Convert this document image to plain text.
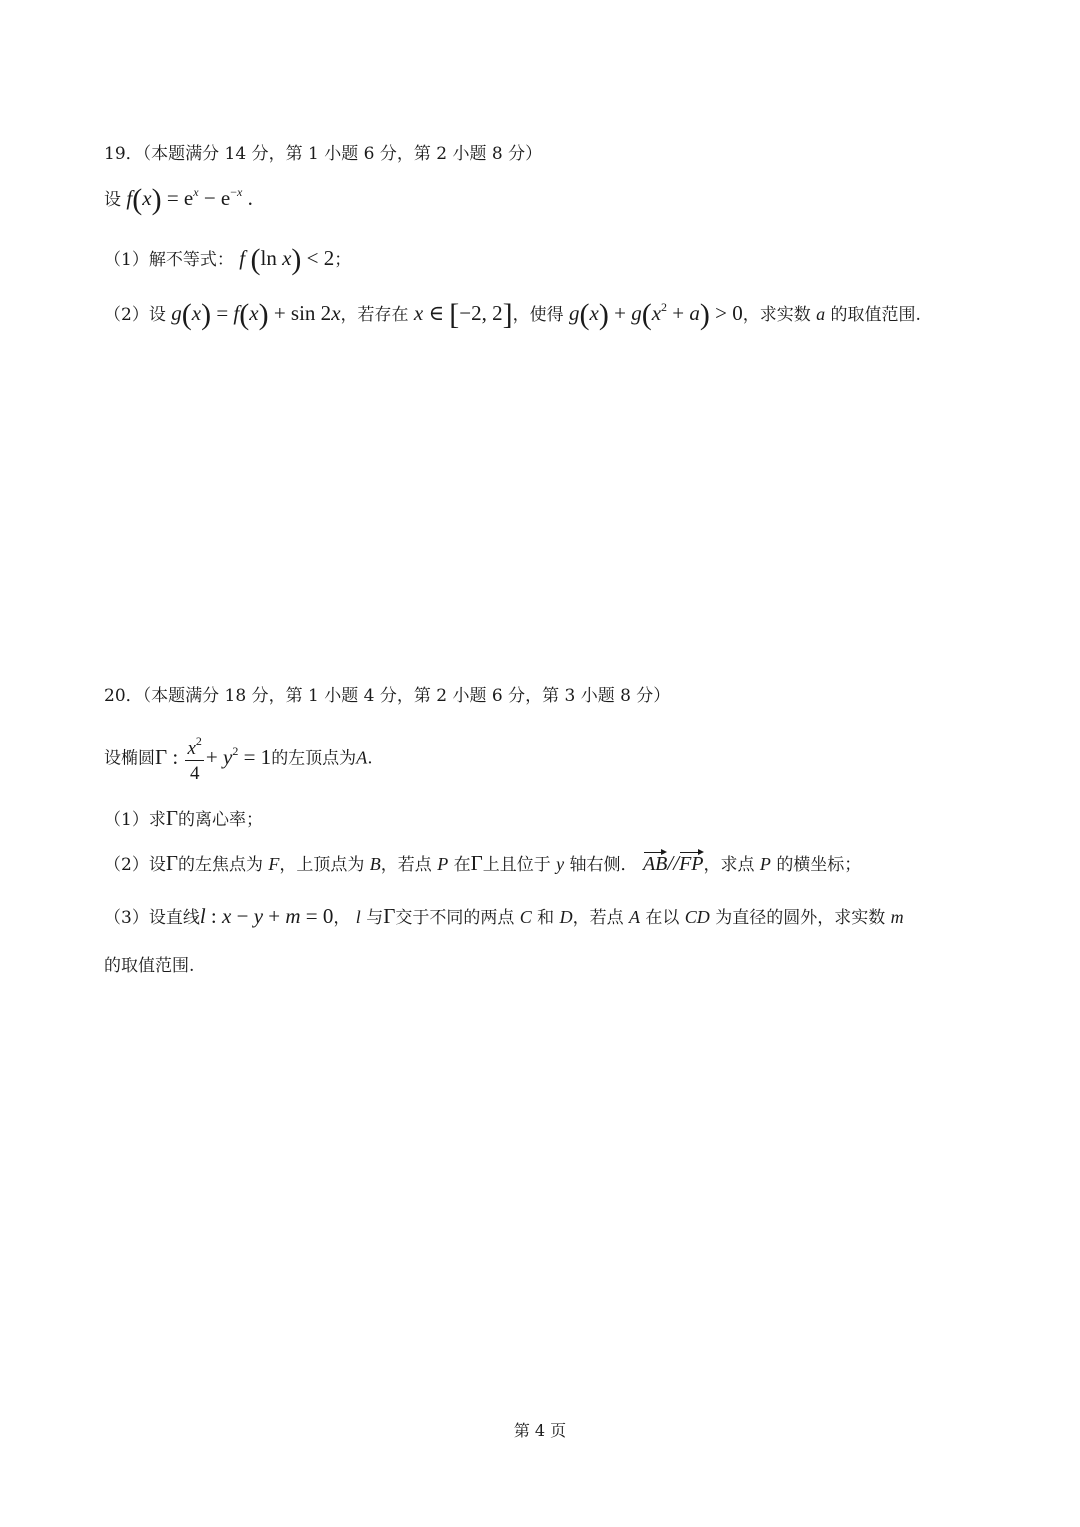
19．（本题满分 14 分，第 1 小题 6 分，第 2 小题 8 分）
设 $f(x) = e^x - e^{-x}$ .
（1）解不等式： f (ln x) < 2；
（2）设 g(x) = f(x) + sin 2x，若存在 x ∈ [−2, 2]，使得 $g(x) + g(x^2 + a) > 0$，求实数 a 的取值范围.
20．（本题满分 18 分，第 1 小题 4 分，第 2 小题 6 分，第 3 小题 8 分）
设椭圆Γ : $\frac{x^2}{4} + y^2 = 1$的左顶点为A.
（1）求Γ的离心率；
（2）设Γ的左焦点为 F，上顶点为 B，若点 P 在Γ上且位于 y 轴右侧． AB//FP，求点 P 的横坐标；
（3）设直线l : x − y + m = 0， l 与Γ交于不同的两点 C 和 D，若点 A 在以 CD 为直径的圆外，求实数 m
的取值范围.
第 4 页
